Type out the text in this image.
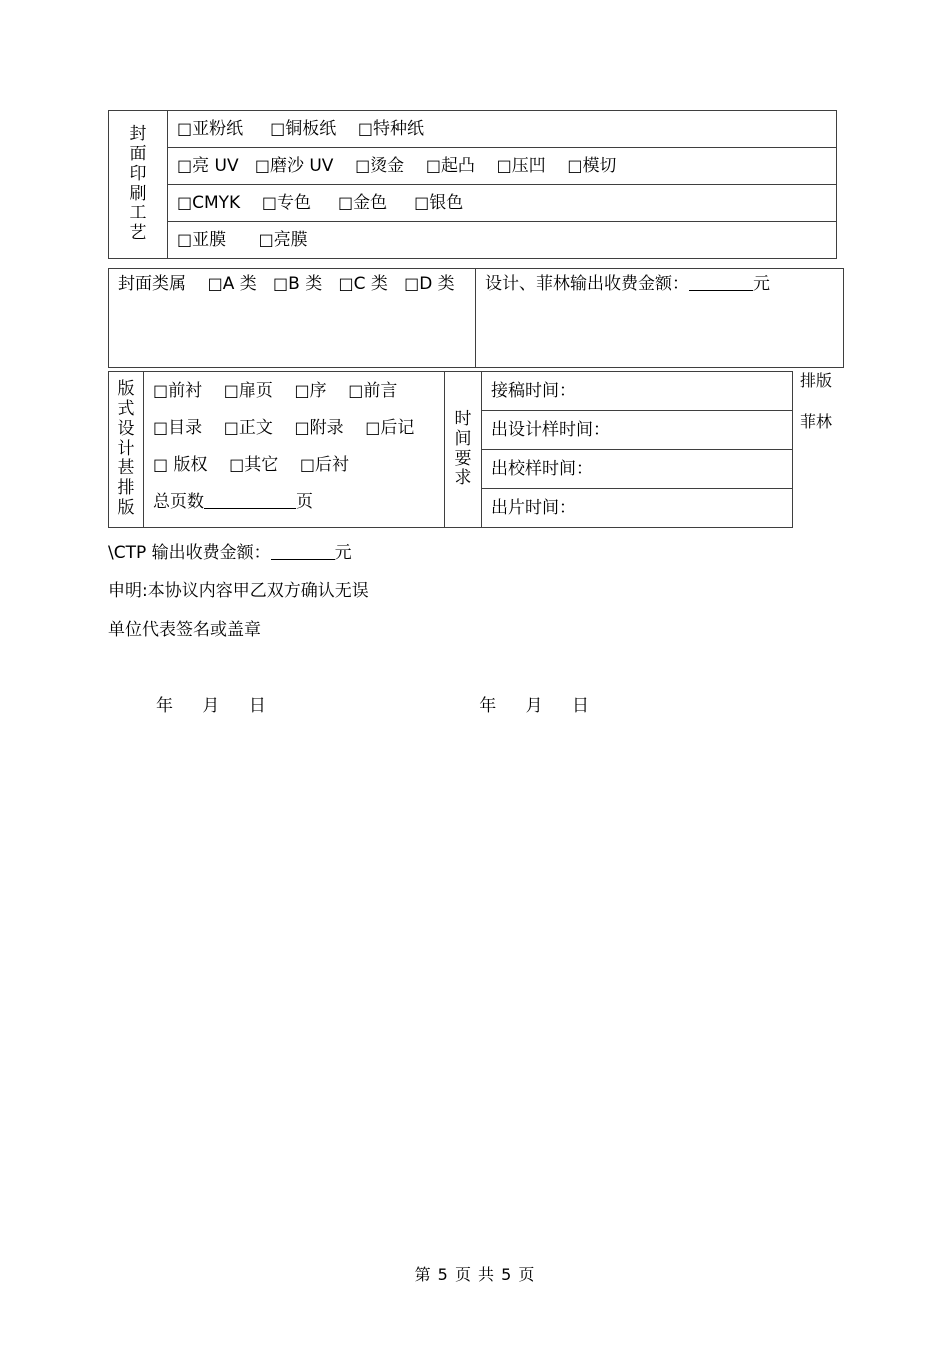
封面印刷工艺

□亚粉纸 □铜板纸 □特种纸

□亮 UV □磨沙 UV □烫金 □起凸 □压凹 □模切

□CMYK □专色 □金色 □银色

□亚膜 □亮膜
封面类属 □A 类 □B 类 □C 类 □D 类	设计、菲林输出收费金额：	元
版式设计甚排版

□前衬 □扉页 □序 □前言
□目录 □正文 □附录 □后记
□ 版权 □其它 □后衬
总页数	页

时间要求

接稿时间：
出设计样时间：
出校样时间：
出片时间：
排版
菲林
\CTP 输出收费金额：	元
申明:本协议内容甲乙双方确认无误
单位代表签名或盖章
年 月 日	年 月 日
第 5 页 共 5 页
